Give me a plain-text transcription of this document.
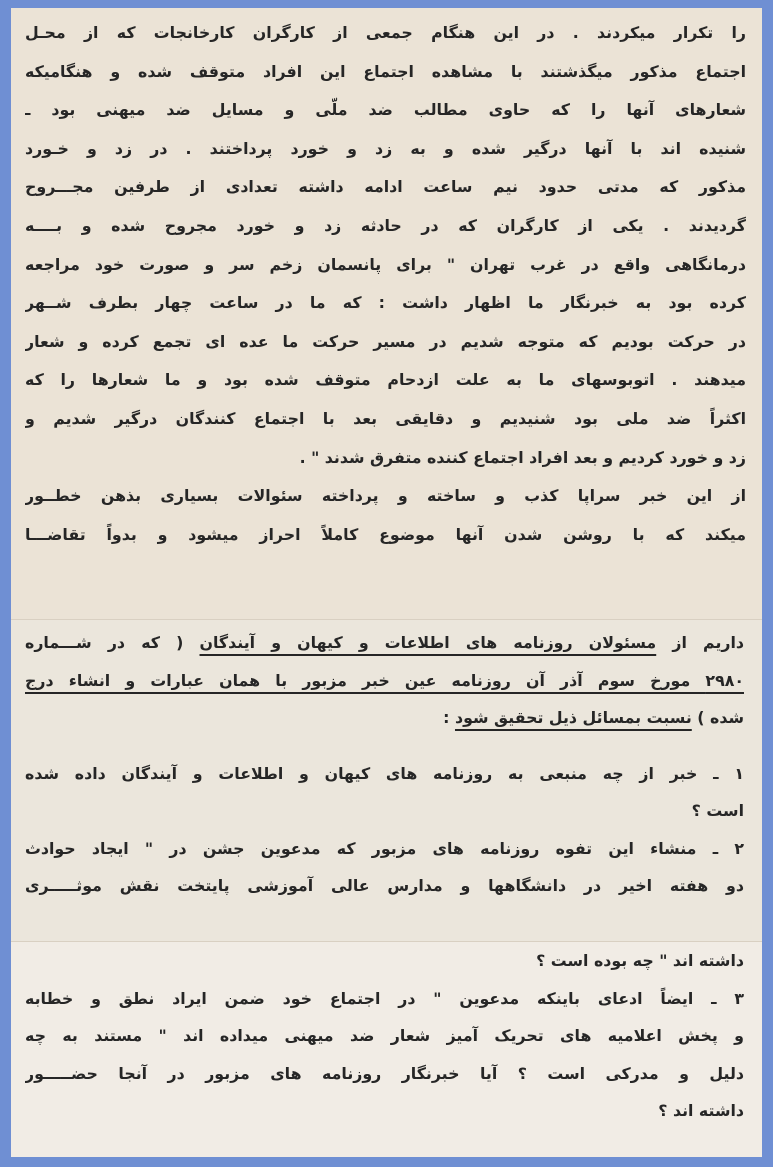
را تکرار میکردند . در این هنگام جمعی از کارگران کارخانجات که از محـل
اجتماع مذکور میگذشتند با مشاهده اجتماع این افراد متوقف شده و هنگامیکه
شعارهای آنها را که حاوی مطالب ضد ملّی و مسایل ضد میهنی بود ـ
شنیده اند با آنها درگیر شده و به زد و خورد پرداختند . در زد و خـورد
مذکور که مدتی حدود نیم ساعت ادامه داشته تعدادی از طرفین مجـــروح
گردیدند . یکی از کارگران که در حادثه زد و خورد مجروح شده و بــــه
درمانگاهی واقع در غرب تهران " برای پانسمان زخم سر و صورت خود مراجعه
کرده بود به خبرنگار ما اظهار داشت : که ما در ساعت چهار بطرف شــهر
در حرکت بودیم که متوجه شدیم در مسیر حرکت ما عده ای تجمع کرده و شعار
میدهند . اتوبوسهای ما به علت ازدحام متوقف شده بود و ما شعارها را که
اکثراً ضد ملی بود شنیدیم و دقایقی بعد با اجتماع کنندگان درگیر شدیم و
زد و خورد کردیم و بعد افراد اجتماع کننده متفرق شدند " .
از این خبر سراپا کذب و ساخته و پرداخته سئوالات بسیاری بذهن خطــور
میکند که با روشن شدن آنها موضوع کاملاً احراز میشود و بدواً تقاضـــا
داریم از مسئولان روزنامه های اطلاعات و کیهان و آیندگان ( که در شـــماره
۲۹۸۰ مورخ سوم آذر آن روزنامه عین خبر مزبور با همان عبارات و انشاء درج
شده ) نسبت بمسائل ذیل تحقیق شود :
۱ ـ خبر از چه منبعی به روزنامه های کیهان و اطلاعات و آیندگان داده شده
است ؟
۲ ـ منشاء این تفوه روزنامه های مزبور که مدعوین جشن در " ایجاد حوادث
دو هفته اخیر در دانشگاهها و مدارس عالی آموزشی پایتخت نقش موثـــــری
داشته اند " چه بوده است ؟
۳ ـ ایضاً ادعای باینکه مدعوین " در اجتماع خود ضمن ایراد نطق و خطابه
و پخش اعلامیه های تحریک آمیز شعار ضد میهنی میداده اند " مستند به چه
دلیل و مدرکی است ؟ آیا خبرنگار روزنامه های مزبور در آنجا حضـــــور
داشته اند ؟
